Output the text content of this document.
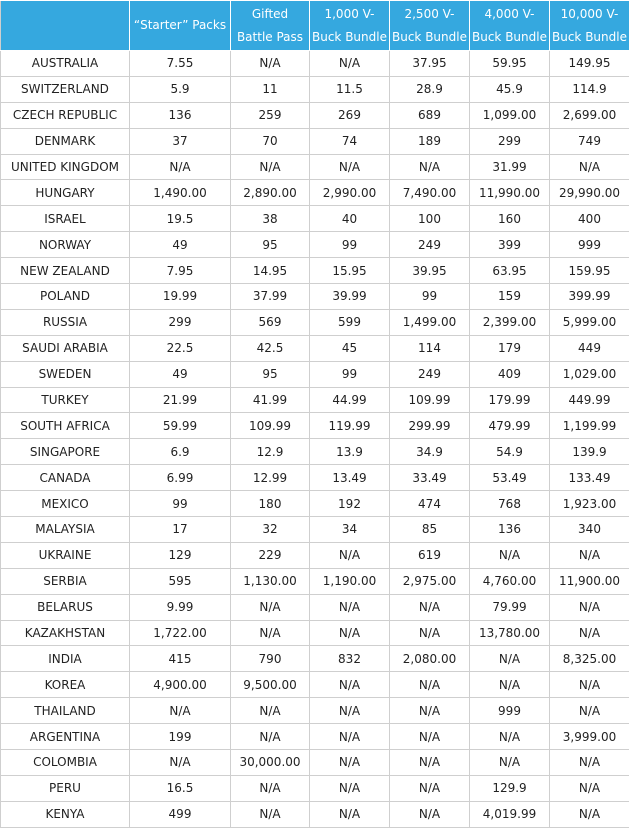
	“Starter” Packs	Gifted Battle Pass	1,000 V-Buck Bundle	2,500 V-Buck Bundle	4,000 V-Buck Bundle	10,000 V-Buck Bundle
AUSTRALIA	7.55	N/A	N/A	37.95	59.95	149.95
SWITZERLAND	5.9	11	11.5	28.9	45.9	114.9
CZECH REPUBLIC	136	259	269	689	1,099.00	2,699.00
DENMARK	37	70	74	189	299	749
UNITED KINGDOM	N/A	N/A	N/A	N/A	31.99	N/A
HUNGARY	1,490.00	2,890.00	2,990.00	7,490.00	11,990.00	29,990.00
ISRAEL	19.5	38	40	100	160	400
NORWAY	49	95	99	249	399	999
NEW ZEALAND	7.95	14.95	15.95	39.95	63.95	159.95
POLAND	19.99	37.99	39.99	99	159	399.99
RUSSIA	299	569	599	1,499.00	2,399.00	5,999.00
SAUDI ARABIA	22.5	42.5	45	114	179	449
SWEDEN	49	95	99	249	409	1,029.00
TURKEY	21.99	41.99	44.99	109.99	179.99	449.99
SOUTH AFRICA	59.99	109.99	119.99	299.99	479.99	1,199.99
SINGAPORE	6.9	12.9	13.9	34.9	54.9	139.9
CANADA	6.99	12.99	13.49	33.49	53.49	133.49
MEXICO	99	180	192	474	768	1,923.00
MALAYSIA	17	32	34	85	136	340
UKRAINE	129	229	N/A	619	N/A	N/A
SERBIA	595	1,130.00	1,190.00	2,975.00	4,760.00	11,900.00
BELARUS	9.99	N/A	N/A	N/A	79.99	N/A
KAZAKHSTAN	1,722.00	N/A	N/A	N/A	13,780.00	N/A
INDIA	415	790	832	2,080.00	N/A	8,325.00
KOREA	4,900.00	9,500.00	N/A	N/A	N/A	N/A
THAILAND	N/A	N/A	N/A	N/A	999	N/A
ARGENTINA	199	N/A	N/A	N/A	N/A	3,999.00
COLOMBIA	N/A	30,000.00	N/A	N/A	N/A	N/A
PERU	16.5	N/A	N/A	N/A	129.9	N/A
KENYA	499	N/A	N/A	N/A	4,019.99	N/A
